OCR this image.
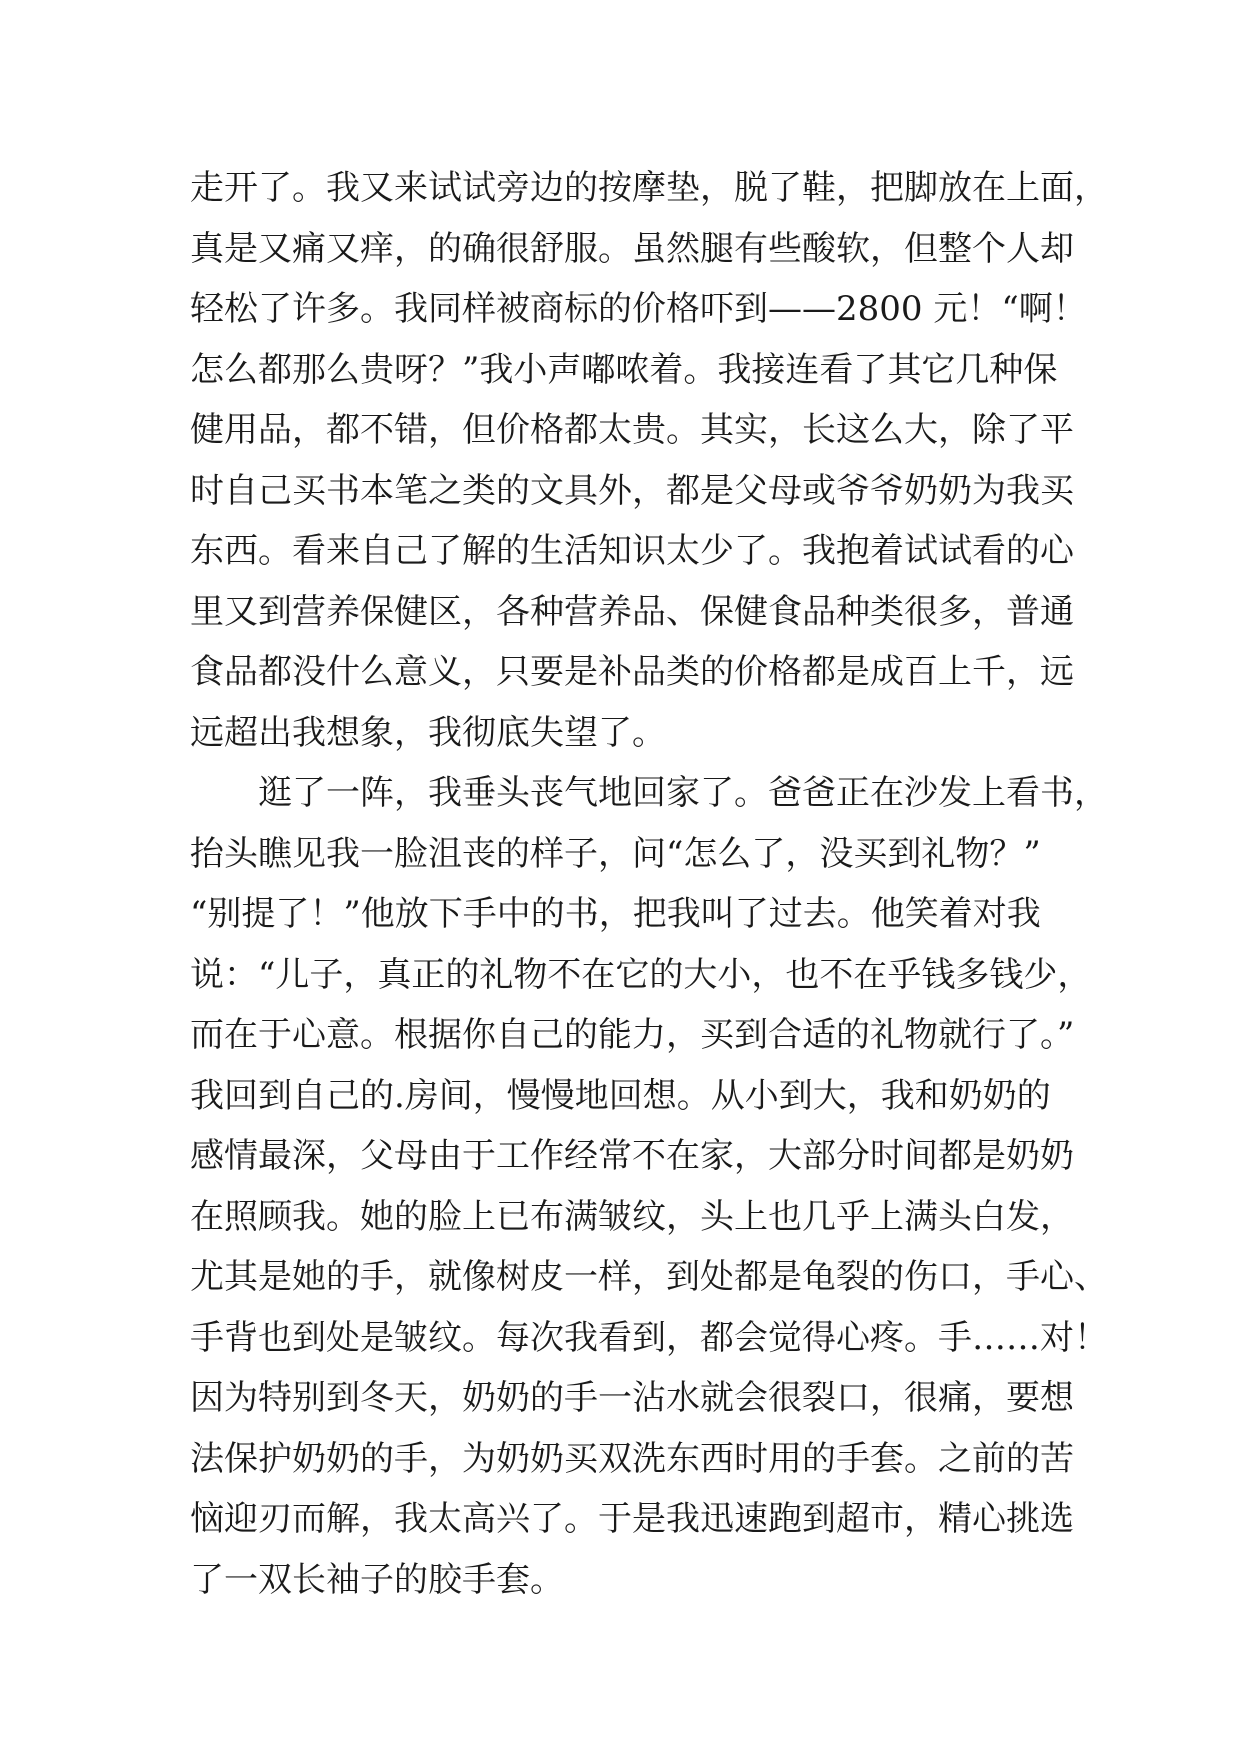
走开了。我又来试试旁边的按摩垫，脱了鞋，把脚放在上面，
真是又痛又痒，的确很舒服。虽然腿有些酸软，但整个人却
轻松了许多。我同样被商标的价格吓到——2800 元！“啊！
怎么都那么贵呀？”我小声嘟哝着。我接连看了其它几种保
健用品，都不错，但价格都太贵。其实，长这么大，除了平
时自己买书本笔之类的文具外，都是父母或爷爷奶奶为我买
东西。看来自己了解的生活知识太少了。我抱着试试看的心
里又到营养保健区，各种营养品、保健食品种类很多，普通
食品都没什么意义，只要是补品类的价格都是成百上千，远
远超出我想象，我彻底失望了。
逛了一阵，我垂头丧气地回家了。爸爸正在沙发上看书，
抬头瞧见我一脸沮丧的样子，问“怎么了，没买到礼物？”
“别提了！”他放下手中的书，把我叫了过去。他笑着对我
说：“儿子，真正的礼物不在它的大小，也不在乎钱多钱少，
而在于心意。根据你自己的能力，买到合适的礼物就行了。”
我回到自己的.房间，慢慢地回想。从小到大，我和奶奶的
感情最深，父母由于工作经常不在家，大部分时间都是奶奶
在照顾我。她的脸上已布满皱纹，头上也几乎上满头白发，
尤其是她的手，就像树皮一样，到处都是龟裂的伤口，手心、
手背也到处是皱纹。每次我看到，都会觉得心疼。手……对！
因为特别到冬天，奶奶的手一沾水就会很裂口，很痛，要想
法保护奶奶的手，为奶奶买双洗东西时用的手套。之前的苦
恼迎刃而解，我太高兴了。于是我迅速跑到超市，精心挑选
了一双长袖子的胶手套。
